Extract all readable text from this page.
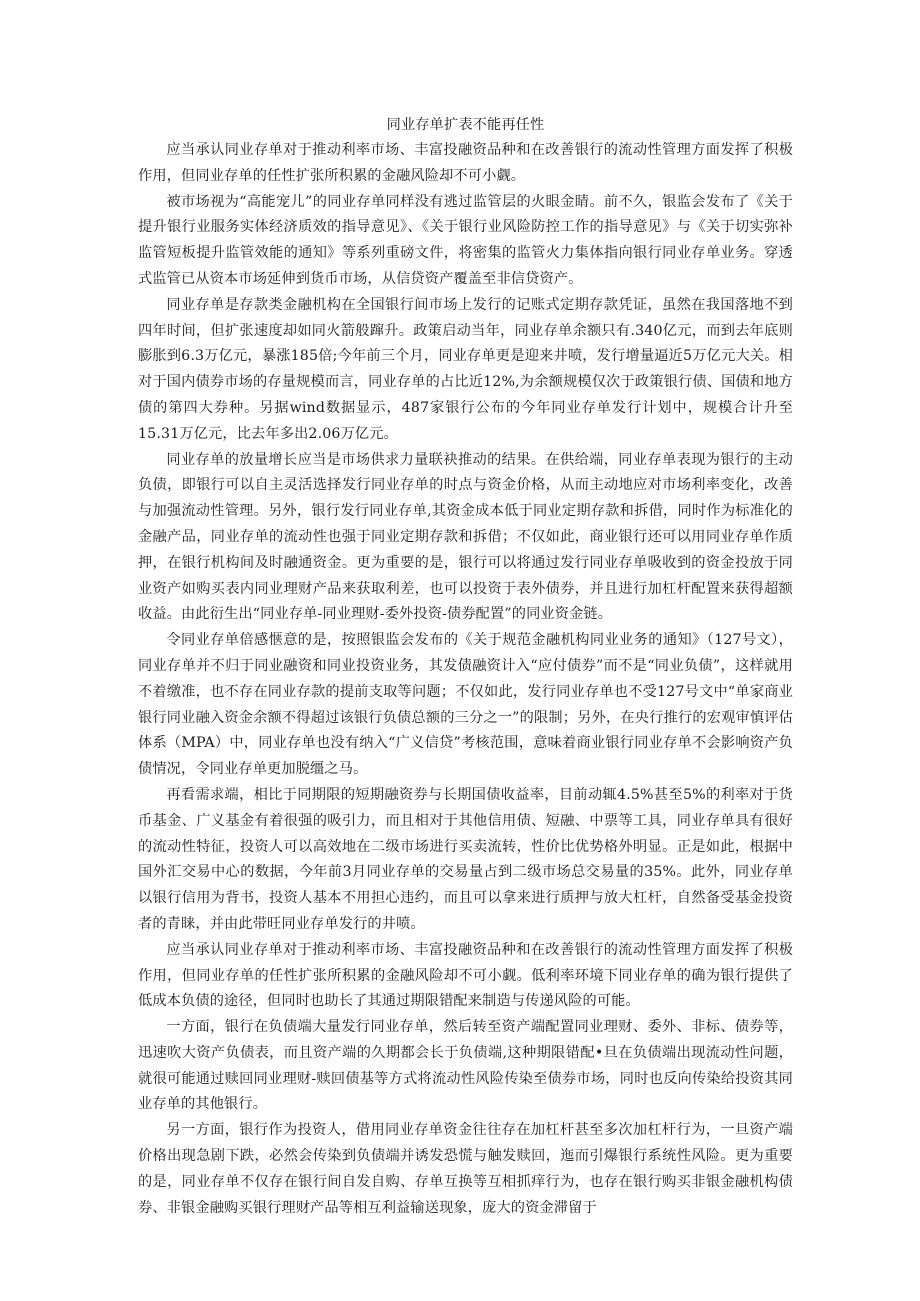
同业存单扩表不能再任性

应当承认同业存单对于推动利率市场、丰富投融资品种和在改善银行的流动性管理方面发挥了积极作用，但同业存单的任性扩张所积累的金融风险却不可小觑。

被市场视为“高能宠儿”的同业存单同样没有逃过监管层的火眼金睛。前不久，银监会发布了《关于提升银行业服务实体经济质效的指导意见》、《关于银行业风险防控工作的指导意见》与《关于切实弥补监管短板提升监管效能的通知》等系列重磅文件，将密集的监管火力集体指向银行同业存单业务。穿透式监管已从资本市场延伸到货币市场，从信贷资产覆盖至非信贷资产。

同业存单是存款类金融机构在全国银行间市场上发行的记账式定期存款凭证，虽然在我国落地不到四年时间，但扩张速度却如同火箭般蹿升。政策启动当年，同业存单余额只有.340亿元，而到去年底则膨胀到6.3万亿元，暴涨185倍;今年前三个月，同业存单更是迎来井喷，发行增量逼近5万亿元大关。相对于国内债券市场的存量规模而言，同业存单的占比近12%,为余额规模仅次于政策银行债、国债和地方债的第四大券种。另据wind数据显示，487家银行公布的今年同业存单发行计划中，规模合计升至15.31万亿元，比去年多出2.06万亿元。

同业存单的放量增长应当是市场供求力量联袂推动的结果。在供给端，同业存单表现为银行的主动负债，即银行可以自主灵活选择发行同业存单的时点与资金价格，从而主动地应对市场利率变化，改善与加强流动性管理。另外，银行发行同业存单,其资金成本低于同业定期存款和拆借，同时作为标准化的金融产品，同业存单的流动性也强于同业定期存款和拆借；不仅如此，商业银行还可以用同业存单作质押，在银行机构间及时融通资金。更为重要的是，银行可以将通过发行同业存单吸收到的资金投放于同业资产如购买表内同业理财产品来获取利差，也可以投资于表外债券，并且进行加杠杆配置来获得超额收益。由此衍生出“同业存单-同业理财-委外投资-债券配置”的同业资金链。

令同业存单倍感惬意的是，按照银监会发布的《关于规范金融机构同业业务的通知》（127号文），同业存单并不归于同业融资和同业投资业务，其发债融资计入“应付债券”而不是“同业负债”，这样就用不着缴准，也不存在同业存款的提前支取等问题；不仅如此，发行同业存单也不受127号文中“单家商业银行同业融入资金余额不得超过该银行负债总额的三分之一”的限制；另外，在央行推行的宏观审慎评估体系（MPA）中，同业存单也没有纳入“广义信贷”考核范围，意味着商业银行同业存单不会影响资产负债情况，令同业存单更加脱缰之马。

再看需求端，相比于同期限的短期融资券与长期国债收益率，目前动辄4.5%甚至5%的利率对于货币基金、广义基金有着很强的吸引力，而且相对于其他信用债、短融、中票等工具，同业存单具有很好的流动性特征，投资人可以高效地在二级市场进行买卖流转，性价比优势格外明显。正是如此，根据中国外汇交易中心的数据，今年前3月同业存单的交易量占到二级市场总交易量的35%。此外，同业存单以银行信用为背书，投资人基本不用担心违约，而且可以拿来进行质押与放大杠杆，自然备受基金投资者的青睐，并由此带旺同业存单发行的井喷。

应当承认同业存单对于推动利率市场、丰富投融资品种和在改善银行的流动性管理方面发挥了积极作用，但同业存单的任性扩张所积累的金融风险却不可小觑。低利率环境下同业存单的确为银行提供了低成本负债的途径，但同时也助长了其通过期限错配来制造与传递风险的可能。

一方面，银行在负债端大量发行同业存单，然后转至资产端配置同业理财、委外、非标、债券等，迅速吹大资产负债表，而且资产端的久期都会长于负债端,这种期限错配•旦在负债端出现流动性问题，就很可能通过赎回同业理财-赎回债基等方式将流动性风险传染至债券市场，同时也反向传染给投资其同业存单的其他银行。

另一方面，银行作为投资人，借用同业存单资金往往存在加杠杆甚至多次加杠杆行为，一旦资产端价格出现急剧下跌，必然会传染到负债端并诱发恐慌与触发赎回，迤而引爆银行系统性风险。更为重要的是，同业存单不仅存在银行间自发自购、存单互换等互相抓痒行为，也存在银行购买非银金融机构债券、非银金融购买银行理财产品等相互利益输送现象，庞大的资金滞留于
